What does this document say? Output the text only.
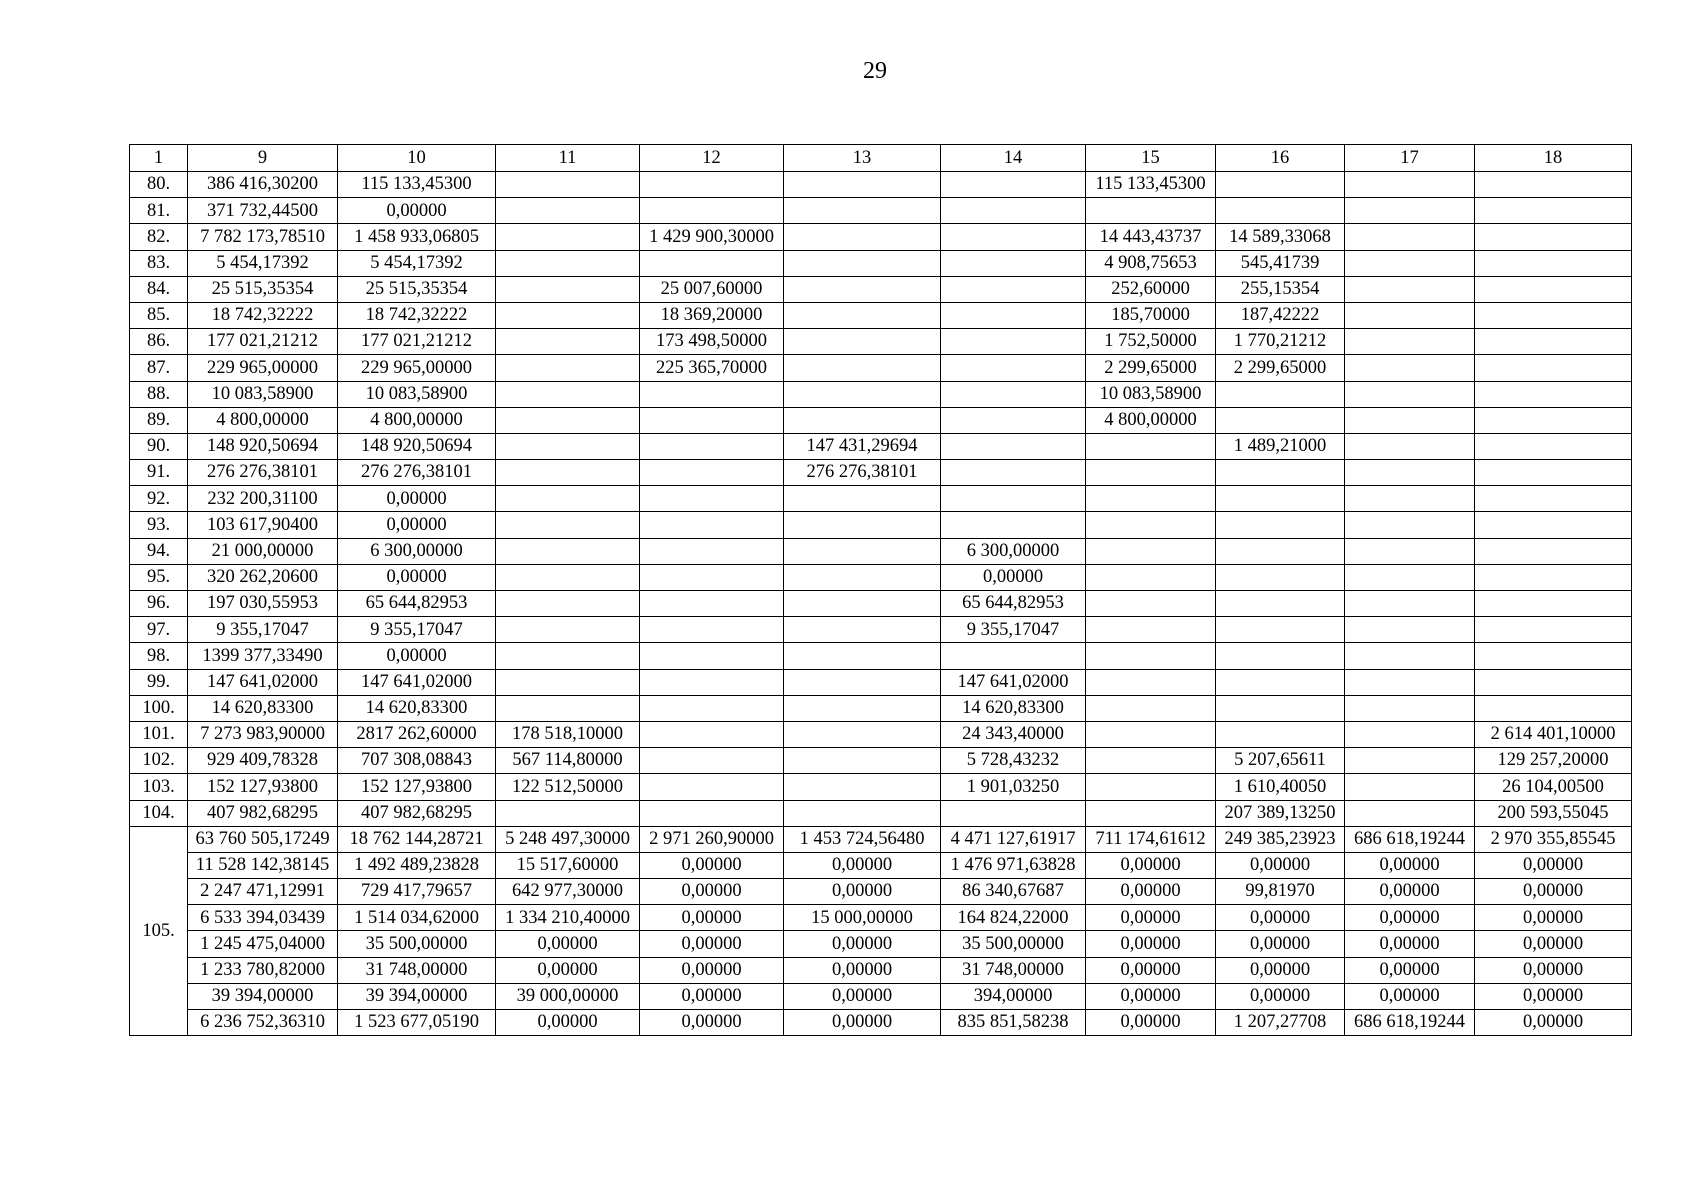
29
1	9	10	11	12	13	14	15	16	17	18
80.	386 416,30200	115 133,45300					115 133,45300			
81.	371 732,44500	0,00000								
82.	7 782 173,78510	1 458 933,06805		1 429 900,30000			14 443,43737	14 589,33068		
83.	5 454,17392	5 454,17392					4 908,75653	545,41739		
84.	25 515,35354	25 515,35354		25 007,60000			252,60000	255,15354		
85.	18 742,32222	18 742,32222		18 369,20000			185,70000	187,42222		
86.	177 021,21212	177 021,21212		173 498,50000			1 752,50000	1 770,21212		
87.	229 965,00000	229 965,00000		225 365,70000			2 299,65000	2 299,65000		
88.	10 083,58900	10 083,58900					10 083,58900			
89.	4 800,00000	4 800,00000					4 800,00000			
90.	148 920,50694	148 920,50694			147 431,29694			1 489,21000		
91.	276 276,38101	276 276,38101			276 276,38101					
92.	232 200,31100	0,00000								
93.	103 617,90400	0,00000								
94.	21 000,00000	6 300,00000				6 300,00000				
95.	320 262,20600	0,00000				0,00000				
96.	197 030,55953	65 644,82953				65 644,82953				
97.	9 355,17047	9 355,17047				9 355,17047				
98.	1399 377,33490	0,00000								
99.	147 641,02000	147 641,02000				147 641,02000				
100.	14 620,83300	14 620,83300				14 620,83300				
101.	7 273 983,90000	2817 262,60000	178 518,10000			24 343,40000				2 614 401,10000
102.	929 409,78328	707 308,08843	567 114,80000			5 728,43232		5 207,65611		129 257,20000
103.	152 127,93800	152 127,93800	122 512,50000			1 901,03250		1 610,40050		26 104,00500
104.	407 982,68295	407 982,68295						207 389,13250		200 593,55045
105.	63 760 505,17249	18 762 144,28721	5 248 497,30000	2 971 260,90000	1 453 724,56480	4 471 127,61917	711 174,61612	249 385,23923	686 618,19244	2 970 355,85545
	11 528 142,38145	1 492 489,23828	15 517,60000	0,00000	0,00000	1 476 971,63828	0,00000	0,00000	0,00000	0,00000
	2 247 471,12991	729 417,79657	642 977,30000	0,00000	0,00000	86 340,67687	0,00000	99,81970	0,00000	0,00000
	6 533 394,03439	1 514 034,62000	1 334 210,40000	0,00000	15 000,00000	164 824,22000	0,00000	0,00000	0,00000	0,00000
	1 245 475,04000	35 500,00000	0,00000	0,00000	0,00000	35 500,00000	0,00000	0,00000	0,00000	0,00000
	1 233 780,82000	31 748,00000	0,00000	0,00000	0,00000	31 748,00000	0,00000	0,00000	0,00000	0,00000
	39 394,00000	39 394,00000	39 000,00000	0,00000	0,00000	394,00000	0,00000	0,00000	0,00000	0,00000
	6 236 752,36310	1 523 677,05190	0,00000	0,00000	0,00000	835 851,58238	0,00000	1 207,27708	686 618,19244	0,00000
